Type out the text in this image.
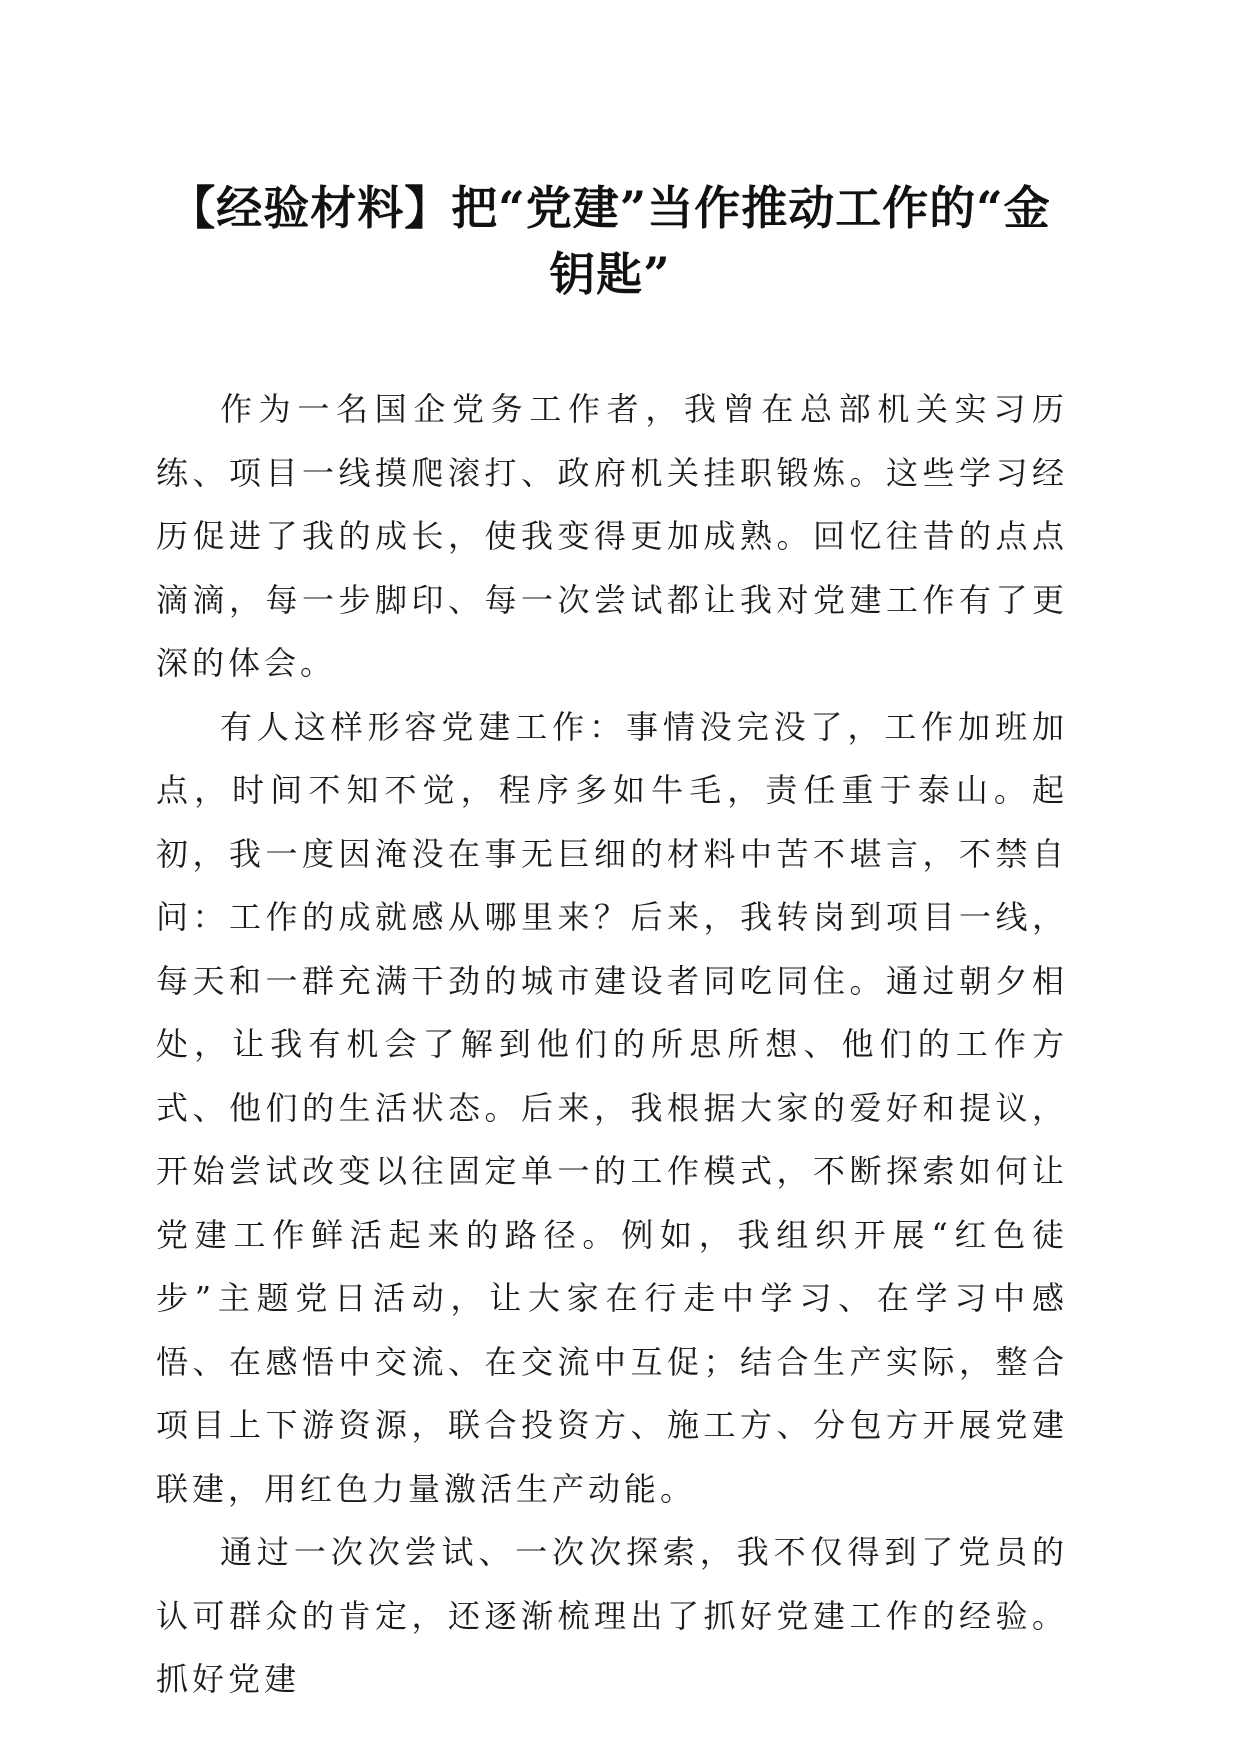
【经验材料】把“党建”当作推动工作的“金钥匙”

作为一名国企党务工作者，我曾在总部机关实习历练、项目一线摸爬滚打、政府机关挂职锻炼。这些学习经历促进了我的成长，使我变得更加成熟。回忆往昔的点点滴滴，每一步脚印、每一次尝试都让我对党建工作有了更深的体会。

有人这样形容党建工作：事情没完没了，工作加班加点，时间不知不觉，程序多如牛毛，责任重于泰山。起初，我一度因淹没在事无巨细的材料中苦不堪言，不禁自问：工作的成就感从哪里来？后来，我转岗到项目一线，每天和一群充满干劲的城市建设者同吃同住。通过朝夕相处，让我有机会了解到他们的所思所想、他们的工作方式、他们的生活状态。后来，我根据大家的爱好和提议，开始尝试改变以往固定单一的工作模式，不断探索如何让党建工作鲜活起来的路径。例如，我组织开展“红色徒步”主题党日活动，让大家在行走中学习、在学习中感悟、在感悟中交流、在交流中互促；结合生产实际，整合项目上下游资源，联合投资方、施工方、分包方开展党建联建，用红色力量激活生产动能。

通过一次次尝试、一次次探索，我不仅得到了党员的认可群众的肯定，还逐渐梳理出了抓好党建工作的经验。抓好党建
